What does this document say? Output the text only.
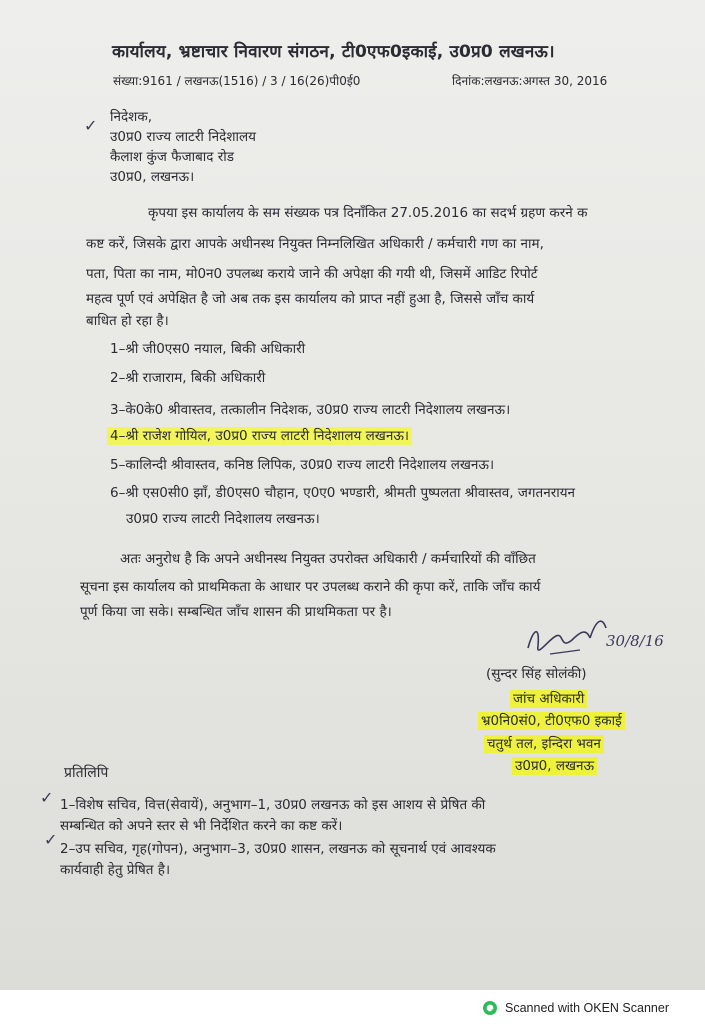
कार्यालय, भ्रष्टाचार निवारण संगठन, टी0एफ0इकाई, उ0प्र0 लखनऊ।
संख्या:9161 / लखनऊ(1516) / 3 / 16(26)पी0ई0	दिनांक:लखनऊ:अगस्त 30, 2016
निदेशक,
✓
उ0प्र0 राज्य लाटरी निदेशालय
कैलाश कुंज फैजाबाद रोड
उ0प्र0, लखनऊ।
कृपया इस कार्यालय के सम संख्यक पत्र दिनाँकित 27.05.2016 का सदर्भ ग्रहण करने क
कष्ट करें, जिसके द्वारा आपके अधीनस्थ नियुक्त निम्नलिखित अधिकारी / कर्मचारी गण का नाम,
पता, पिता का नाम, मो0न0 उपलब्ध कराये जाने की अपेक्षा की गयी थी, जिसमें आडिट रिपोर्ट
महत्व पूर्ण एवं अपेक्षित है जो अब तक इस कार्यालय को प्राप्त नहीं हुआ है, जिससे जाँच कार्य
बाधित हो रहा है।
1–श्री जी0एस0 नयाल, बिकी अधिकारी
2–श्री राजाराम, बिकी अधिकारी
3–के0के0 श्रीवास्तव, तत्कालीन निदेशक, उ0प्र0 राज्य लाटरी निदेशालय लखनऊ।
4–श्री राजेश गोयिल, उ0प्र0 राज्य लाटरी निदेशालय लखनऊ।
5–कालिन्दी श्रीवास्तव, कनिष्ठ लिपिक, उ0प्र0 राज्य लाटरी निदेशालय लखनऊ।
6–श्री एस0सी0 झाँ, डी0एस0 चौहान, ए0ए0 भण्डारी, श्रीमती पुष्पलता श्रीवास्तव, जगतनरायन
उ0प्र0 राज्य लाटरी निदेशालय लखनऊ।
अतः अनुरोध है कि अपने अधीनस्थ नियुक्त उपरोक्त अधिकारी / कर्मचारियों की वाँछित
सूचना इस कार्यालय को प्राथमिकता के आधार पर उपलब्ध कराने की कृपा करें, ताकि जाँच कार्य
पूर्ण किया जा सके। सम्बन्धित जाँच शासन की प्राथमिकता पर है।
30/8/16
(सुन्दर सिंह सोलंकी)
जांच अधिकारी
भ्र0नि0सं0, टी0एफ0 इकाई
चतुर्थ तल, इन्दिरा भवन
उ0प्र0, लखनऊ
प्रतिलिपि
✓ 1–विशेष सचिव, वित्त(सेवायें), अनुभाग–1, उ0प्र0 लखनऊ को इस आशय से प्रेषित की
सम्बन्धित को अपने स्तर से भी निर्देशित करने का कष्ट करें।
✓ 2–उप सचिव, गृह(गोपन), अनुभाग–3, उ0प्र0 शासन, लखनऊ को सूचनार्थ एवं आवश्यक
कार्यवाही हेतु प्रेषित है।
Scanned with OKEN Scanner
